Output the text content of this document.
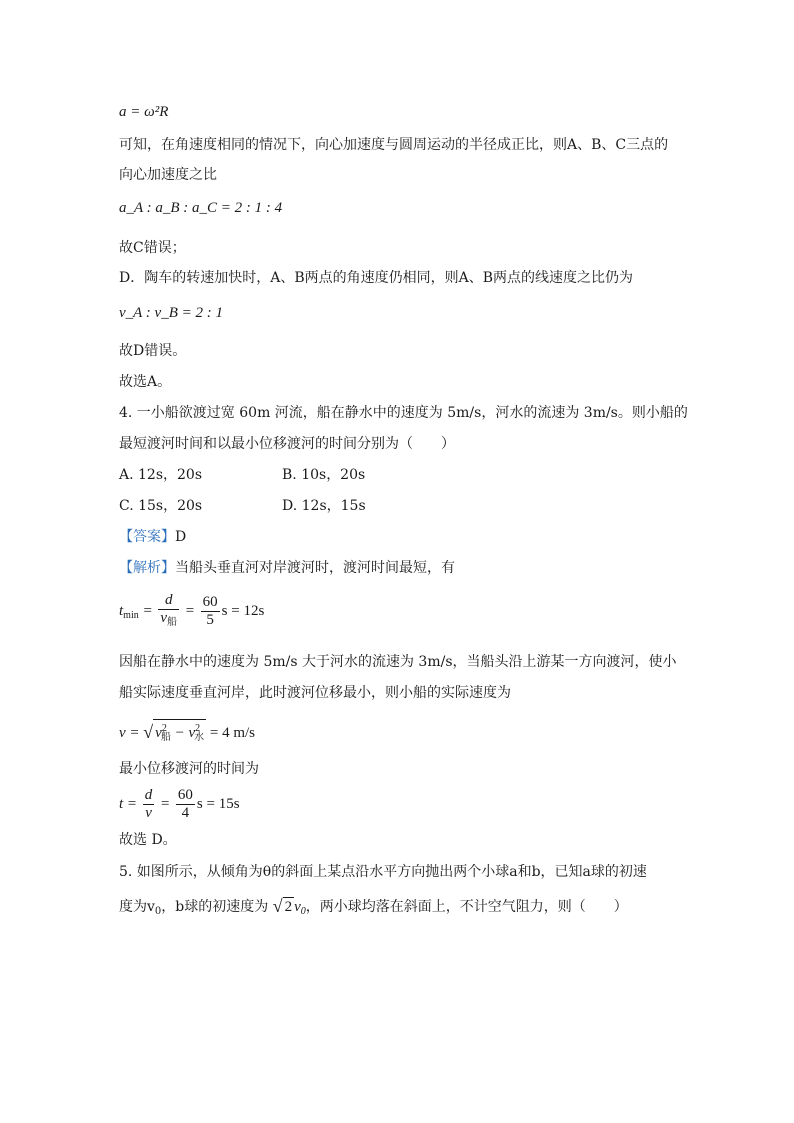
a = ω²R
可知，在角速度相同的情况下，向心加速度与圆周运动的半径成正比，则A、B、C三点的
向心加速度之比
a_A : a_B : a_C = 2 : 1 : 4
故C错误；
D．陶车的转速加快时，A、B两点的角速度仍相同，则A、B两点的线速度之比仍为
v_A : v_B = 2 : 1
故D错误。
故选A。
4. 一小船欲渡过宽 60m 河流，船在静水中的速度为 5m/s，河水的流速为 3m/s。则小船的
最短渡河时间和以最小位移渡河的时间分别为（　　）
A. 12s，20s	B. 10s，20s
C. 15s，20s	D. 12s，15s
【答案】D
【解析】当船头垂直河对岸渡河时，渡河时间最短，有
$t_{min} = \frac{d}{v_船} = \frac{60}{5}$ s = 12s
因船在静水中的速度为 5m/s 大于河水的流速为 3m/s，当船头沿上游某一方向渡河，使小
船实际速度垂直河岸，此时渡河位移最小，则小船的实际速度为
v = √ $v^2_船 - v^2_水 = 4$ m/s
最小位移渡河的时间为
$t = \frac{d}{v} = \frac{60}{4}$ s = 15s
故选 D。
5. 如图所示，从倾角为θ的斜面上某点沿水平方向抛出两个小球a和b，已知a球的初速
度为$v_0$，b球的初速度为 √ 2 $v_0$，两小球均落在斜面上，不计空气阻力，则（　　）
